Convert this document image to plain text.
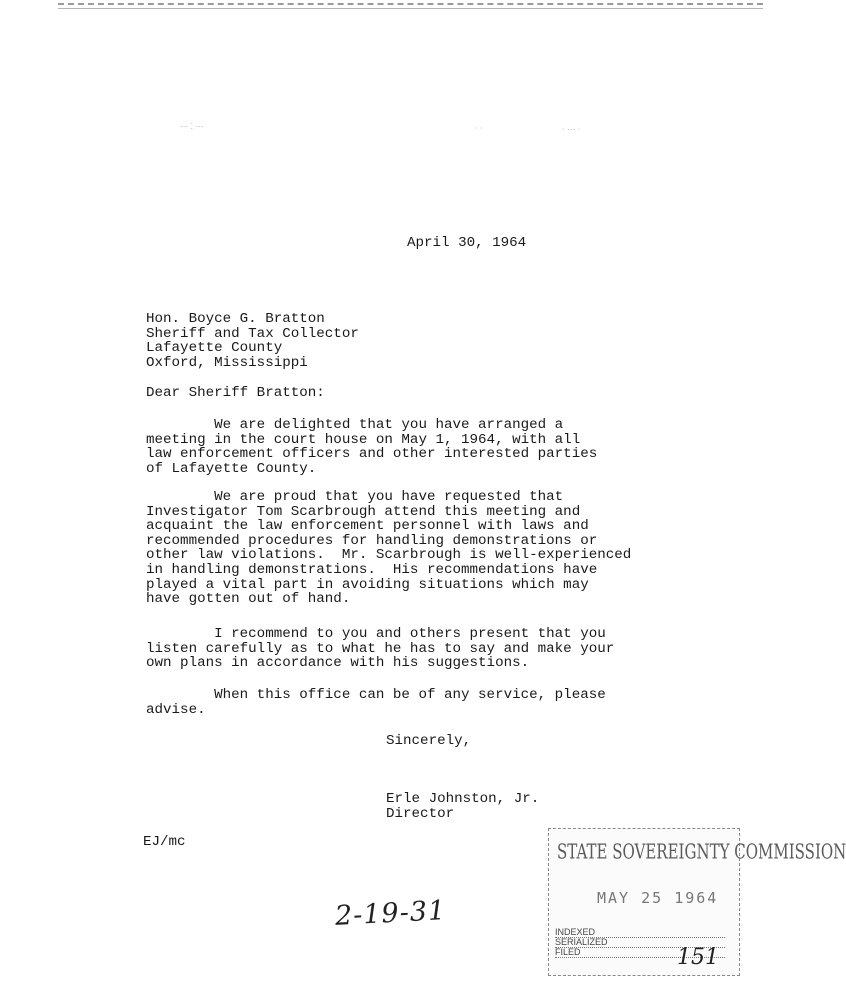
⋯ ⁚ ⋯	· ·	· ⋯ ·
April 30, 1964
Hon. Boyce G. Bratton
Sheriff and Tax Collector
Lafayette County
Oxford, Mississippi
Dear Sheriff Bratton:
We are delighted that you have arranged a
meeting in the court house on May 1, 1964, with all
law enforcement officers and other interested parties
of Lafayette County.
We are proud that you have requested that
Investigator Tom Scarbrough attend this meeting and
acquaint the law enforcement personnel with laws and
recommended procedures for handling demonstrations or
other law violations.  Mr. Scarbrough is well-experienced
in handling demonstrations.  His recommendations have
played a vital part in avoiding situations which may
have gotten out of hand.
I recommend to you and others present that you
listen carefully as to what he has to say and make your
own plans in accordance with his suggestions.
When this office can be of any service, please
advise.
Sincerely,
Erle Johnston, Jr.
Director
EJ/mc
2-19-31
STATE SOVEREIGNTY COMMISSION
MAY 25 1964
INDEXED
SERIALIZED
FILED	151
